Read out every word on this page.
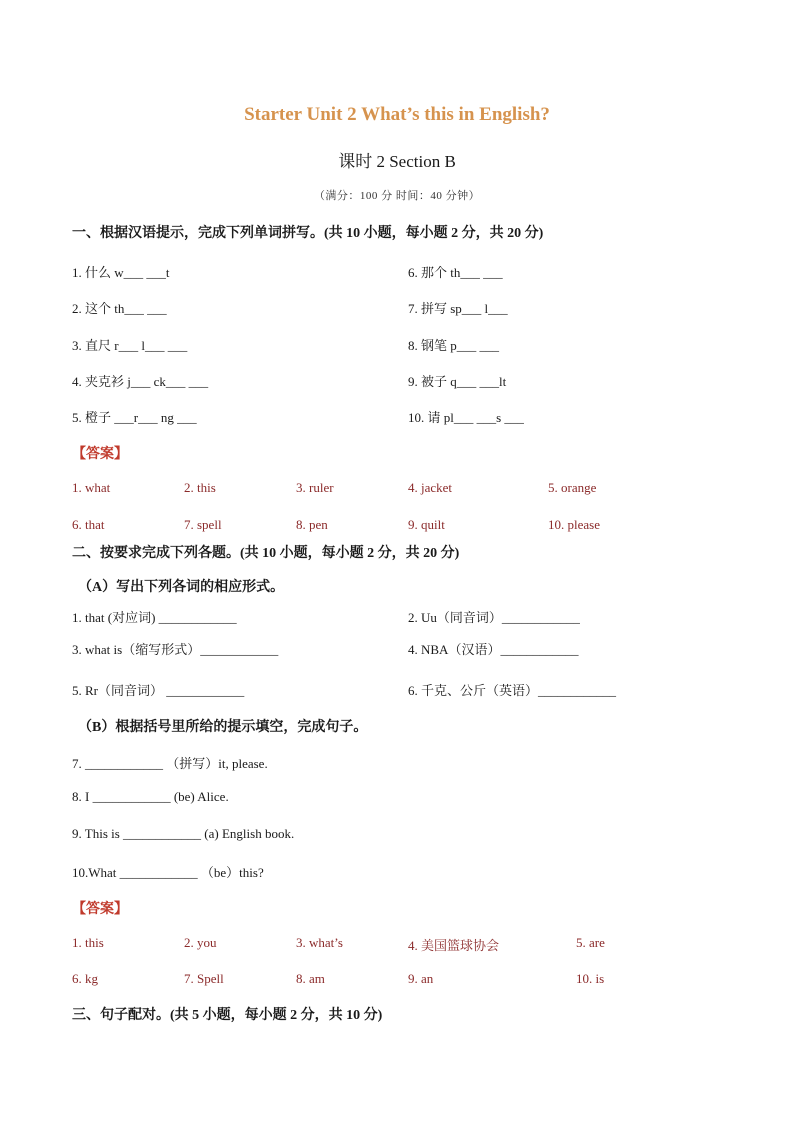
Starter Unit 2 What’s this in English?
课时 2 Section B
（满分：100 分 时间：40 分钟）
一、根据汉语提示，完成下列单词拼写。(共 10 小题，每小题 2 分，共 20 分)
1. 什么 w___ ___t
2. 这个 th___ ___
3. 直尺 r___ l___ ___
4. 夹克衫 j___ ck___ ___
5. 橙子 ___r___ ng ___
6. 那个 th___ ___
7. 拼写 sp___ l___
8. 钢笔 p___ ___
9. 被子 q___ ___lt
10. 请 pl___ ___s ___
【答案】
1. what	2. this	3. ruler	4. jacket	5. orange
6. that	7. spell	8. pen	9. quilt	10. please
二、按要求完成下列各题。(共 10 小题，每小题 2 分，共 20 分)
（A）写出下列各词的相应形式。
1. that (对应词) ____________	2. Uu（同音词）____________
3. what is（缩写形式）____________	4. NBA（汉语）____________
5. Rr（同音词） ____________	6. 千克、公斤（英语）____________
（B）根据括号里所给的提示填空，完成句子。
7. ____________ （拼写）it, please.
8. I ____________ (be) Alice.
9. This is ____________ (a) English book.
10.What ____________ （be）this?
【答案】
1. this	2. you	3. what’s	4. 美国篮球协会	5. are
6. kg	7. Spell	8. am	9. an	10. is
三、句子配对。(共 5 小题，每小题 2 分，共 10 分)
